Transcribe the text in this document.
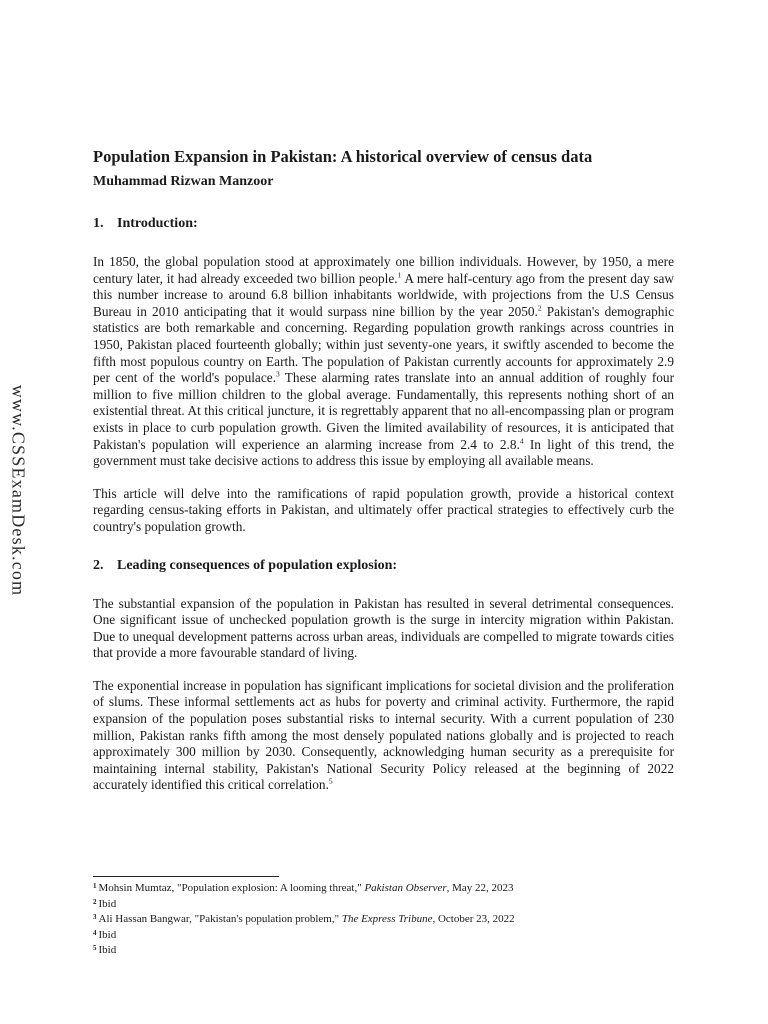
www.CSSExamDesk.com
Population Expansion in Pakistan: A historical overview of census data
Muhammad Rizwan Manzoor
1. Introduction:

In 1850, the global population stood at approximately one billion individuals. However, by 1950, a mere century later, it had already exceeded two billion people.$^1$ A mere half-century ago from the present day saw this number increase to around 6.8 billion inhabitants worldwide, with projections from the U.S Census Bureau in 2010 anticipating that it would surpass nine billion by the year 2050.$^2$ Pakistan's demographic statistics are both remarkable and concerning. Regarding population growth rankings across countries in 1950, Pakistan placed fourteenth globally; within just seventy-one years, it swiftly ascended to become the fifth most populous country on Earth. The population of Pakistan currently accounts for approximately 2.9 per cent of the world's populace.$^3$ These alarming rates translate into an annual addition of roughly four million to five million children to the global average. Fundamentally, this represents nothing short of an existential threat. At this critical juncture, it is regrettably apparent that no all-encompassing plan or program exists in place to curb population growth. Given the limited availability of resources, it is anticipated that Pakistan's population will experience an alarming increase from 2.4 to 2.8.$^4$ In light of this trend, the government must take decisive actions to address this issue by employing all available means.

This article will delve into the ramifications of rapid population growth, provide a historical context regarding census-taking efforts in Pakistan, and ultimately offer practical strategies to effectively curb the country's population growth.

2. Leading consequences of population explosion:

The substantial expansion of the population in Pakistan has resulted in several detrimental consequences. One significant issue of unchecked population growth is the surge in intercity migration within Pakistan. Due to unequal development patterns across urban areas, individuals are compelled to migrate towards cities that provide a more favourable standard of living.

The exponential increase in population has significant implications for societal division and the proliferation of slums. These informal settlements act as hubs for poverty and criminal activity. Furthermore, the rapid expansion of the population poses substantial risks to internal security. With a current population of 230 million, Pakistan ranks fifth among the most densely populated nations globally and is projected to reach approximately 300 million by 2030. Consequently, acknowledging human security as a prerequisite for maintaining internal stability, Pakistan's National Security Policy released at the beginning of 2022 accurately identified this critical correlation.$^5$

$^1$ Mohsin Mumtaz, "Population explosion: A looming threat," Pakistan Observer, May 22, 2023
$^2$ Ibid
$^3$ Ali Hassan Bangwar, "Pakistan's population problem," The Express Tribune, October 23, 2022
$^4$ Ibid
$^5$ Ibid
